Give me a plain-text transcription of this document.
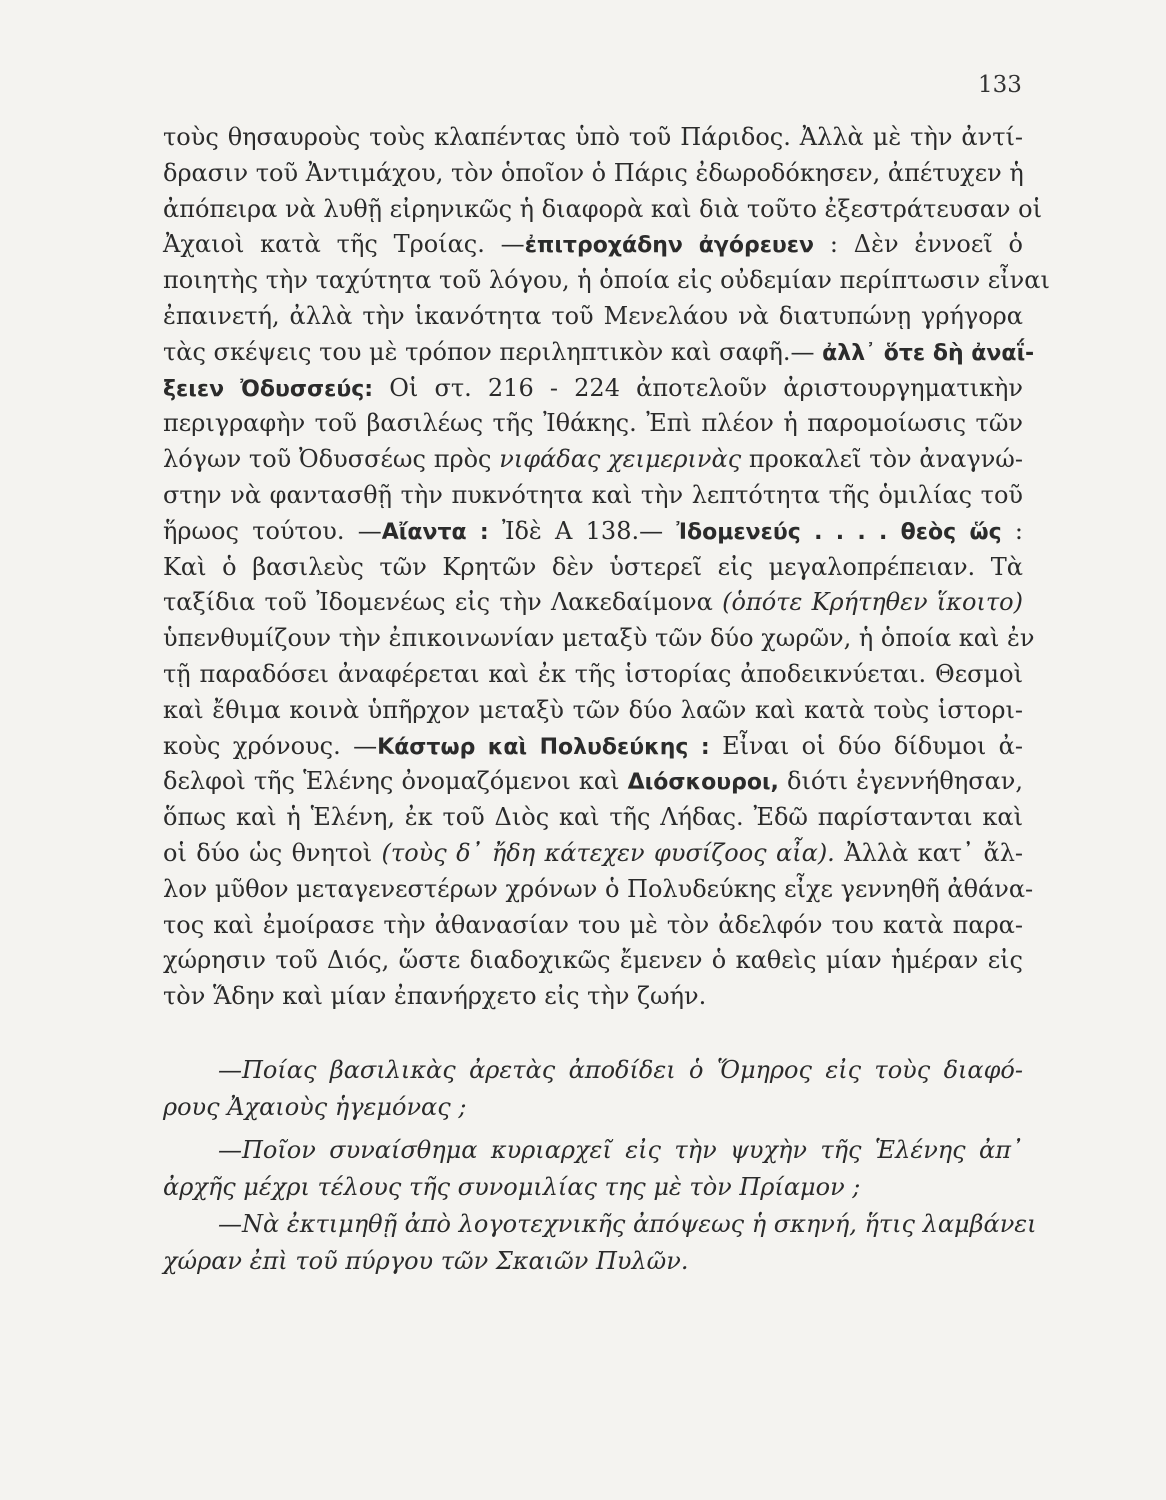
133
τοὺς θησαυροὺς τοὺς κλαπέντας ὑπὸ τοῦ Πάριδος. Ἀλλὰ μὲ τὴν ἀντί-
δρασιν τοῦ Ἀντιμάχου, τὸν ὁποῖον ὁ Πάρις ἐδωροδόκησεν, ἀπέτυχεν ἡ
ἀπόπειρα νὰ λυθῇ εἰρηνικῶς ἡ διαφορὰ καὶ διὰ τοῦτο ἐξεστράτευσαν οἱ
Ἀχαιοὶ κατὰ τῆς Τροίας. —ἐπιτροχάδην ἀγόρευεν : Δὲν ἐννοεῖ ὁ
ποιητὴς τὴν ταχύτητα τοῦ λόγου, ἡ ὁποία εἰς οὐδεμίαν περίπτωσιν εἶναι
ἐπαινετή, ἀλλὰ τὴν ἱκανότητα τοῦ Μενελάου νὰ διατυπώνῃ γρήγορα
τὰς σκέψεις του μὲ τρόπον περιληπτικὸν καὶ σαφῆ.— ἀλλ᾽ ὅτε δὴ ἀναΐ-
ξειεν Ὀδυσσεύς: Οἱ στ. 216 - 224 ἀποτελοῦν ἀριστουργηματικὴν
περιγραφὴν τοῦ βασιλέως τῆς Ἰθάκης. Ἐπὶ πλέον ἡ παρομοίωσις τῶν
λόγων τοῦ Ὀδυσσέως πρὸς νιφάδας χειμερινὰς προκαλεῖ τὸν ἀναγνώ-
στην νὰ φαντασθῇ τὴν πυκνότητα καὶ τὴν λεπτότητα τῆς ὁμιλίας τοῦ
ἥρωος τούτου. —Αἴαντα : Ἰδὲ Α 138.— Ἰδομενεύς . . . . θεὸς ὥς :
Καὶ ὁ βασιλεὺς τῶν Κρητῶν δὲν ὑστερεῖ εἰς μεγαλοπρέπειαν. Τὰ
ταξίδια τοῦ Ἰδομενέως εἰς τὴν Λακεδαίμονα (ὁπότε Κρήτηθεν ἵκοιτο)
ὑπενθυμίζουν τὴν ἐπικοινωνίαν μεταξὺ τῶν δύο χωρῶν, ἡ ὁποία καὶ ἐν
τῇ παραδόσει ἀναφέρεται καὶ ἐκ τῆς ἱστορίας ἀποδεικνύεται. Θεσμοὶ
καὶ ἔθιμα κοινὰ ὑπῆρχον μεταξὺ τῶν δύο λαῶν καὶ κατὰ τοὺς ἱστορι-
κοὺς χρόνους. —Κάστωρ καὶ Πολυδεύκης : Εἶναι οἱ δύο δίδυμοι ἀ-
δελφοὶ τῆς Ἑλένης ὀνομαζόμενοι καὶ Διόσκουροι, διότι ἐγεννήθησαν,
ὅπως καὶ ἡ Ἑλένη, ἐκ τοῦ Διὸς καὶ τῆς Λήδας. Ἐδῶ παρίστανται καὶ
οἱ δύο ὡς θνητοὶ (τοὺς δ᾽ ἤδη κάτεχεν φυσίζοος αἶα). Ἀλλὰ κατ᾽ ἄλ-
λον μῦθον μεταγενεστέρων χρόνων ὁ Πολυδεύκης εἶχε γεννηθῆ ἀθάνα-
τος καὶ ἐμοίρασε τὴν ἀθανασίαν του μὲ τὸν ἀδελφόν του κατὰ παρα-
χώρησιν τοῦ Διός, ὥστε διαδοχικῶς ἔμενεν ὁ καθεὶς μίαν ἡμέραν εἰς
τὸν Ἅδην καὶ μίαν ἐπανήρχετο εἰς τὴν ζωήν.
—Ποίας βασιλικὰς ἀρετὰς ἀποδίδει ὁ Ὅμηρος εἰς τοὺς διαφό-
ρους Ἀχαιοὺς ἡγεμόνας ;
—Ποῖον συναίσθημα κυριαρχεῖ εἰς τὴν ψυχὴν τῆς Ἑλένης ἀπ᾽
ἀρχῆς μέχρι τέλους τῆς συνομιλίας της μὲ τὸν Πρίαμον ;
—Νὰ ἐκτιμηθῇ ἀπὸ λογοτεχνικῆς ἀπόψεως ἡ σκηνή, ἥτις λαμβάνει
χώραν ἐπὶ τοῦ πύργου τῶν Σκαιῶν Πυλῶν.
